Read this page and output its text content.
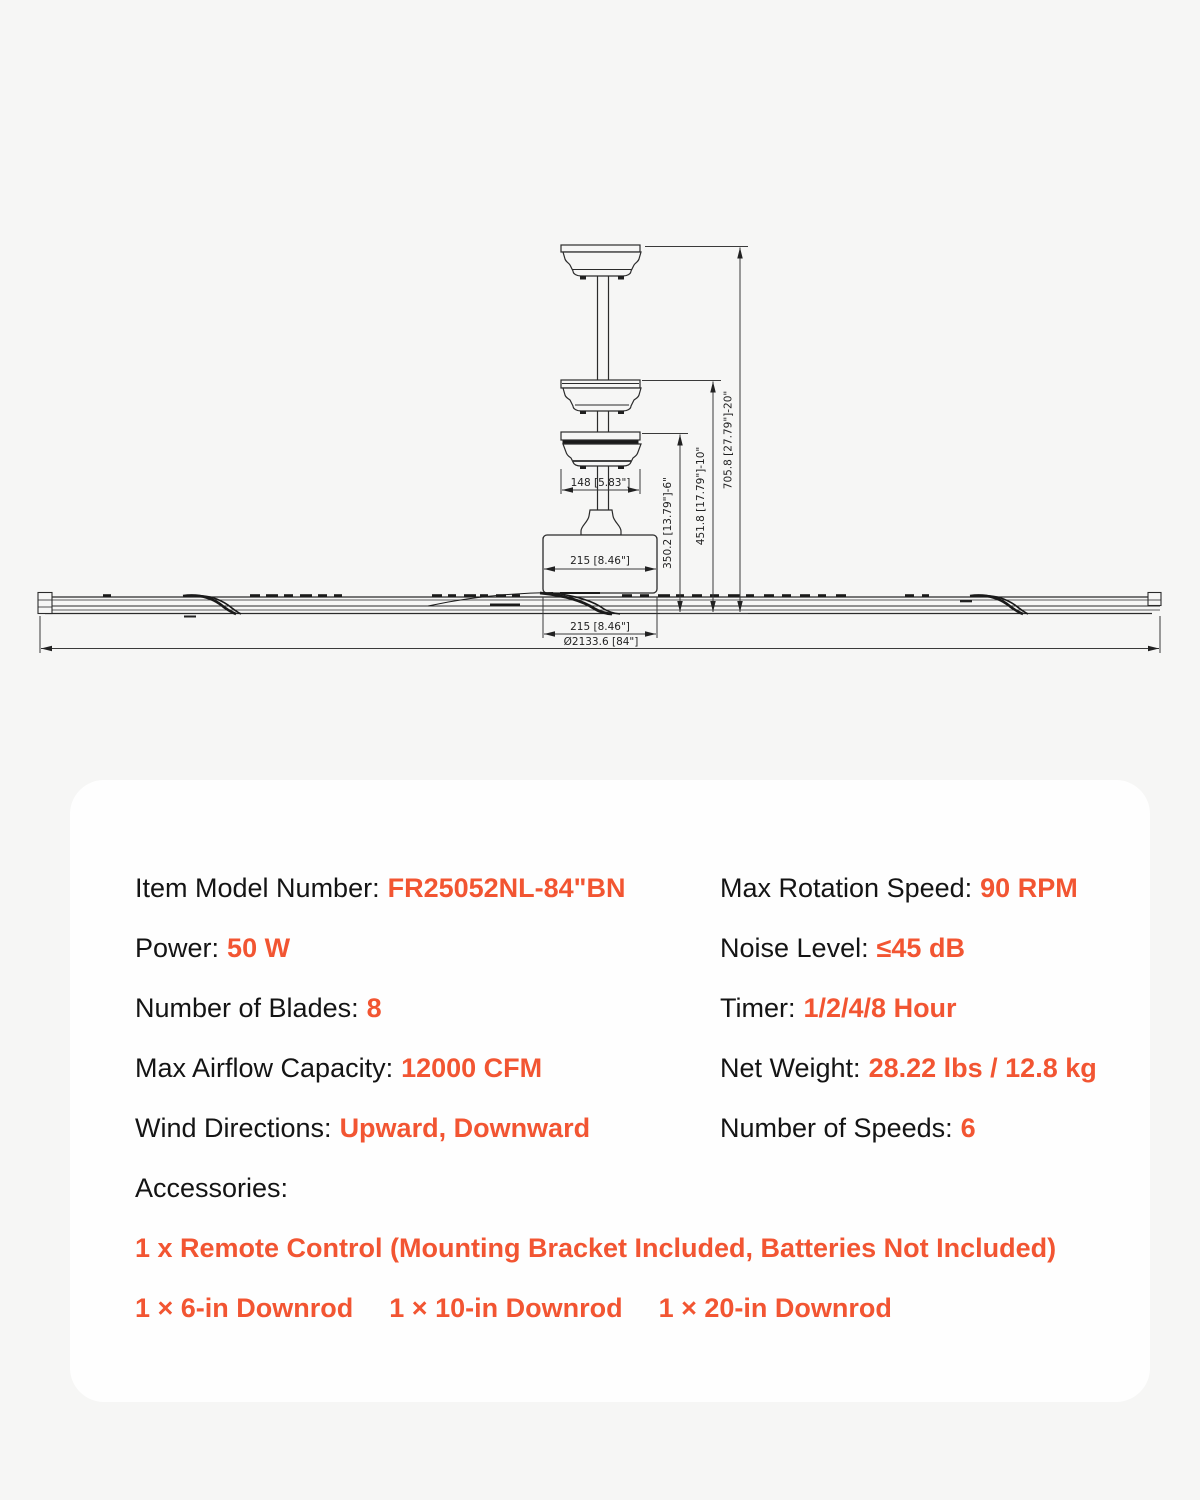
148 [5.83"]
215 [8.46"]
215 [8.46"]
Ø2133.6 [84"]
350.2 [13.79"]-6" 451.8 [17.79"]-10"
705.8 [27.79"]-20"
Item Model Number: FR25052NL-84"BN	Max Rotation Speed: 90 RPM
Power: 50 W	Noise Level: ≤45 dB
Number of Blades: 8	Timer: 1/2/4/8 Hour
Max Airflow Capacity: 12000 CFM	Net Weight: 28.22 lbs / 12.8 kg
Wind Directions: Upward, Downward	Number of Speeds: 6
Accessories:
1 x Remote Control (Mounting Bracket Included, Batteries Not Included)
1 × 6-in Downrod 1 × 10-in Downrod 1 × 20-in Downrod
